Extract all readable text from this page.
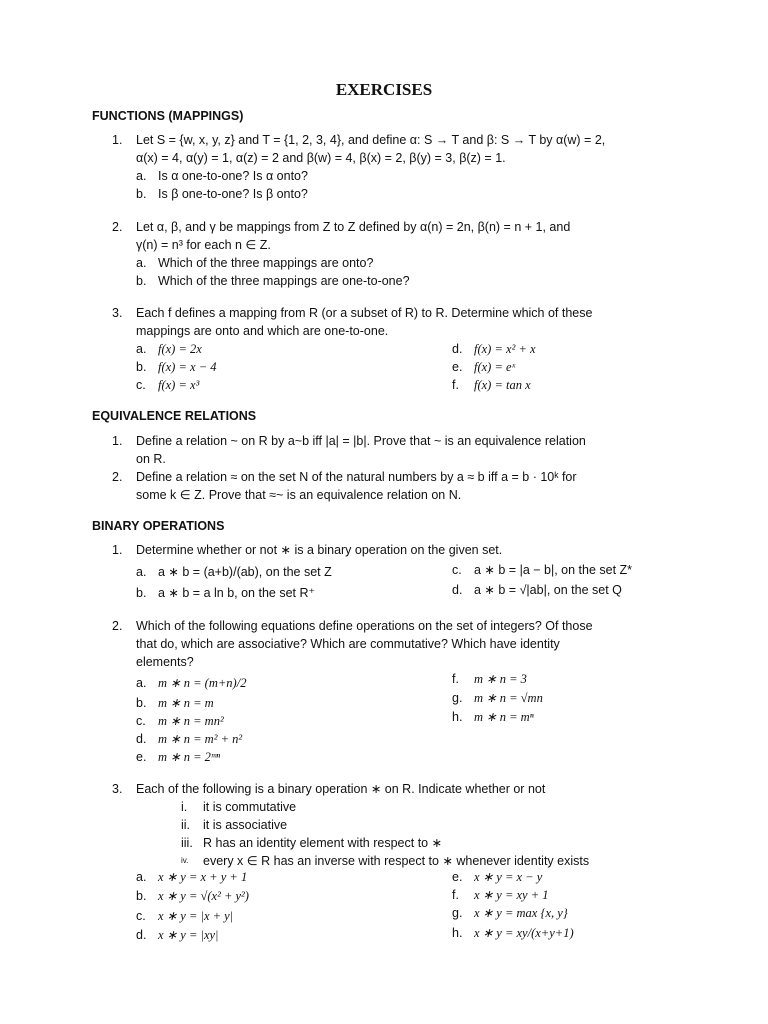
EXERCISES
FUNCTIONS (MAPPINGS)
1. Let S = {w, x, y, z} and T = {1, 2, 3, 4}, and define α: S → T and β: S → T by α(w) = 2,
α(x) = 4, α(y) = 1, α(z) = 2 and β(w) = 4, β(x) = 2, β(y) = 3, β(z) = 1.
a. Is α one-to-one? Is α onto?
b. Is β one-to-one? Is β onto?
2. Let α, β, and γ be mappings from Z to Z defined by α(n) = 2n, β(n) = n + 1, and
γ(n) = n³ for each n ∈ Z.
a. Which of the three mappings are onto?
b. Which of the three mappings are one-to-one?
3. Each f defines a mapping from R (or a subset of R) to R. Determine which of these
mappings are onto and which are one-to-one.
a. f(x) = 2x
b. f(x) = x − 4
c. f(x) = x³
d. f(x) = x² + x
e. f(x) = eˣ
f. f(x) = tan x
EQUIVALENCE RELATIONS
1. Define a relation ~ on R by a~b iff |a| = |b|. Prove that ~ is an equivalence relation
on R.
2. Define a relation ≈ on the set N of the natural numbers by a ≈ b iff a = b · 10ᵏ for
some k ∈ Z. Prove that ≈~ is an equivalence relation on N.
BINARY OPERATIONS
1. Determine whether or not ∗ is a binary operation on the given set.
a. a ∗ b = (a+b)/(ab), on the set Z
b. a ∗ b = a ln b, on the set R⁺
c. a ∗ b = |a − b|, on the set Z*
d. a ∗ b = √|ab|, on the set Q
2. Which of the following equations define operations on the set of integers? Of those
that do, which are associative? Which are commutative? Which have identity
elements?
a. m ∗ n = (m+n)/2
b. m ∗ n = m
c. m ∗ n = mn²
d. m ∗ n = m² + n²
e. m ∗ n = 2ᵐⁿ
f. m ∗ n = 3
g. m ∗ n = √mn
h. m ∗ n = mⁿ
3. Each of the following is a binary operation ∗ on R. Indicate whether or not
i. it is commutative
ii. it is associative
iii. R has an identity element with respect to ∗
iv. every x ∈ R has an inverse with respect to ∗ whenever identity exists
a. x ∗ y = x + y + 1
b. x ∗ y = √(x² + y²)
c. x ∗ y = |x + y|
d. x ∗ y = |xy|
e. x ∗ y = x − y
f. x ∗ y = xy + 1
g. x ∗ y = max {x, y}
h. x ∗ y = xy/(x+y+1)
